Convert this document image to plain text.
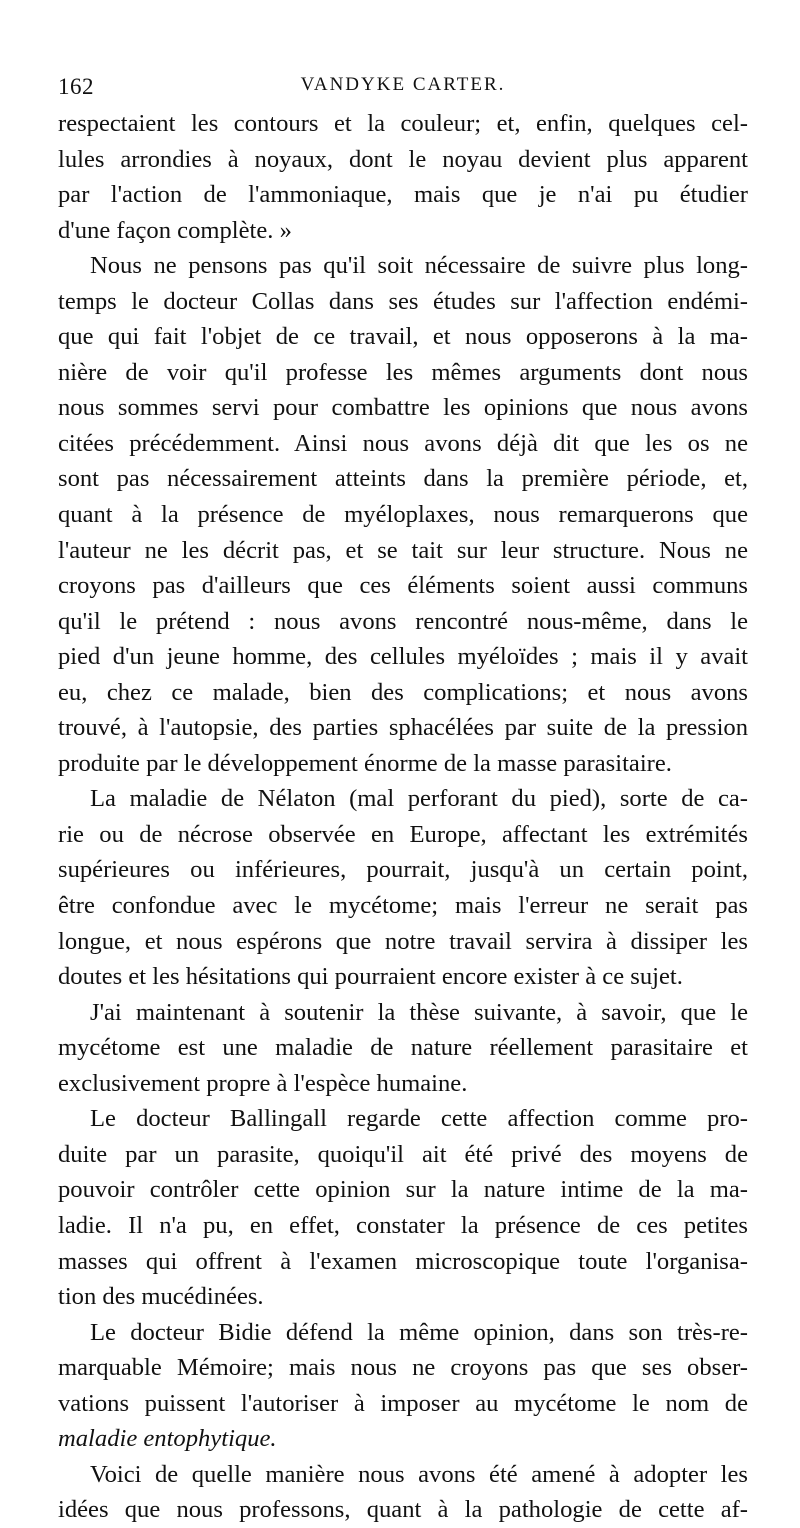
162	VANDYKE CARTER.
respectaient les contours et la couleur; et, enfin, quelques cel-
lules arrondies à noyaux, dont le noyau devient plus apparent
par l'action de l'ammoniaque, mais que je n'ai pu étudier
d'une façon complète. »
Nous ne pensons pas qu'il soit nécessaire de suivre plus long-
temps le docteur Collas dans ses études sur l'affection endémi-
que qui fait l'objet de ce travail, et nous opposerons à la ma-
nière de voir qu'il professe les mêmes arguments dont nous
nous sommes servi pour combattre les opinions que nous avons
citées précédemment. Ainsi nous avons déjà dit que les os ne
sont pas nécessairement atteints dans la première période, et,
quant à la présence de myéloplaxes, nous remarquerons que
l'auteur ne les décrit pas, et se tait sur leur structure. Nous ne
croyons pas d'ailleurs que ces éléments soient aussi communs
qu'il le prétend : nous avons rencontré nous-même, dans le
pied d'un jeune homme, des cellules myéloïdes ; mais il y avait
eu, chez ce malade, bien des complications; et nous avons
trouvé, à l'autopsie, des parties sphacélées par suite de la pression
produite par le développement énorme de la masse parasitaire.
La maladie de Nélaton (mal perforant du pied), sorte de ca-
rie ou de nécrose observée en Europe, affectant les extrémités
supérieures ou inférieures, pourrait, jusqu'à un certain point,
être confondue avec le mycétome; mais l'erreur ne serait pas
longue, et nous espérons que notre travail servira à dissiper les
doutes et les hésitations qui pourraient encore exister à ce sujet.
J'ai maintenant à soutenir la thèse suivante, à savoir, que le
mycétome est une maladie de nature réellement parasitaire et
exclusivement propre à l'espèce humaine.
Le docteur Ballingall regarde cette affection comme pro-
duite par un parasite, quoiqu'il ait été privé des moyens de
pouvoir contrôler cette opinion sur la nature intime de la ma-
ladie. Il n'a pu, en effet, constater la présence de ces petites
masses qui offrent à l'examen microscopique toute l'organisa-
tion des mucédinées.
Le docteur Bidie défend la même opinion, dans son très-re-
marquable Mémoire; mais nous ne croyons pas que ses obser-
vations puissent l'autoriser à imposer au mycétome le nom de
maladie entophytique.
Voici de quelle manière nous avons été amené à adopter les
idées que nous professons, quant à la pathologie de cette af-
